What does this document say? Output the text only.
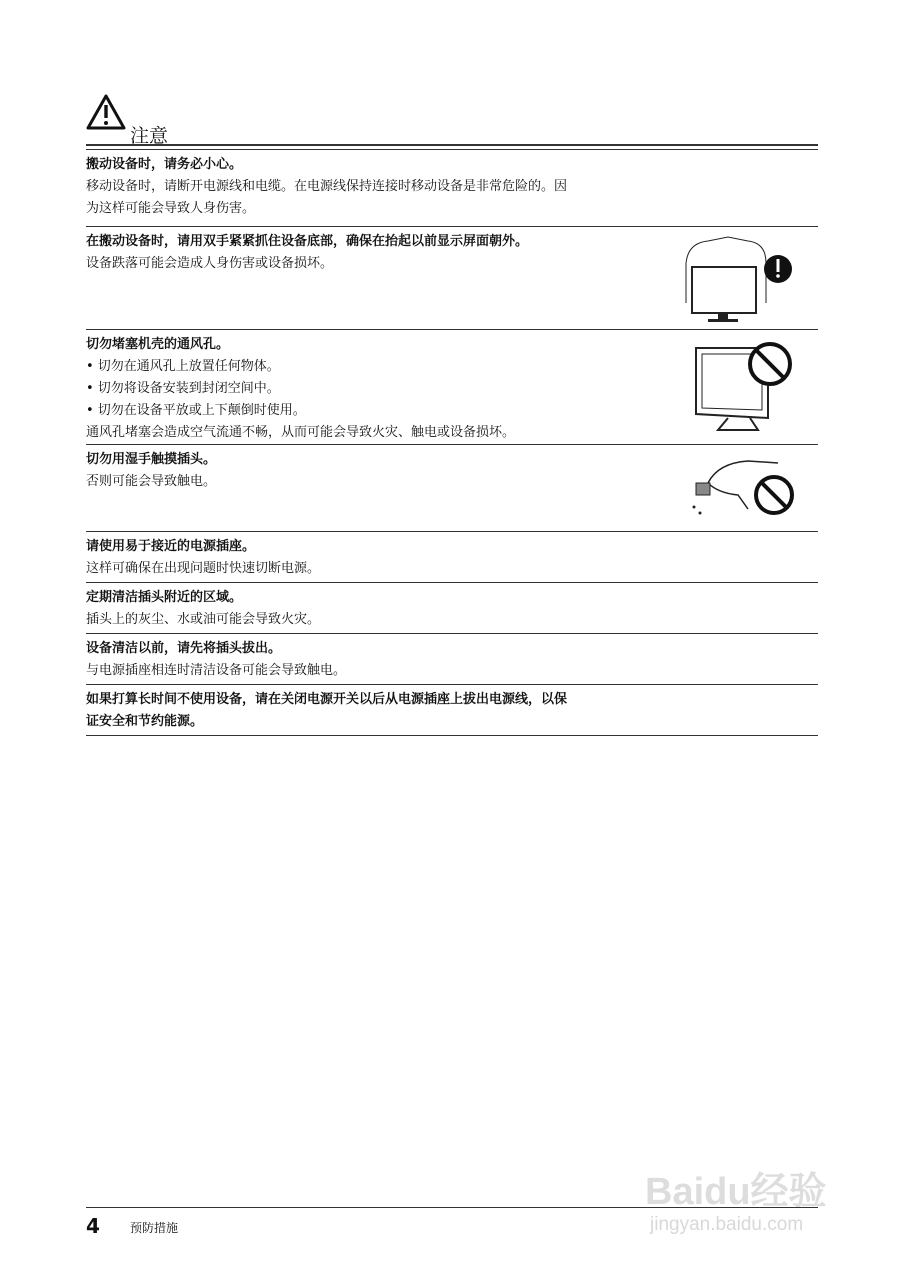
注意

搬动设备时，请务必小心。

移动设备时，请断开电源线和电缆。在电源线保持连接时移动设备是非常危险的。因

为这样可能会导致人身伤害。

在搬动设备时，请用双手紧紧抓住设备底部，确保在抬起以前显示屏面朝外。

设备跌落可能会造成人身伤害或设备损坏。

切勿堵塞机壳的通风孔。

• 切勿在通风孔上放置任何物体。

• 切勿将设备安装到封闭空间中。

• 切勿在设备平放或上下颠倒时使用。

通风孔堵塞会造成空气流通不畅，从而可能会导致火灾、触电或设备损坏。

切勿用湿手触摸插头。

否则可能会导致触电。

请使用易于接近的电源插座。

这样可确保在出现问题时快速切断电源。

定期清洁插头附近的区域。

插头上的灰尘、水或油可能会导致火灾。

设备清洁以前，请先将插头拔出。

与电源插座相连时清洁设备可能会导致触电。

如果打算长时间不使用设备，请在关闭电源开关以后从电源插座上拔出电源线，以保

证安全和节约能源。

Baidu经验
jingyan.baidu.com
4	预防措施
